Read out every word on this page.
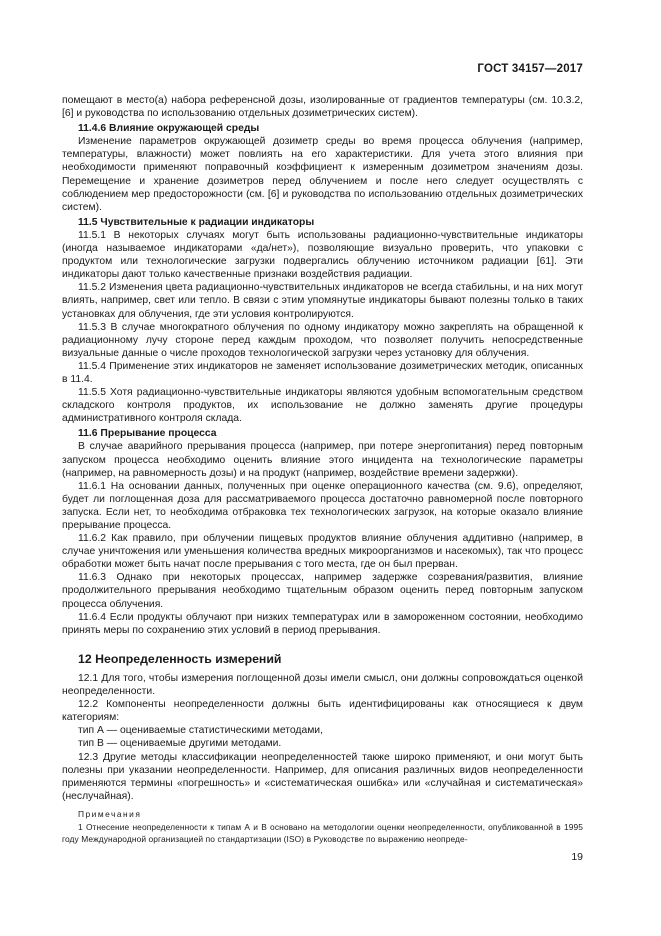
ГОСТ 34157—2017

помещают в место(а) набора референсной дозы, изолированные от градиентов температуры (см. 10.3.2, [6] и руководства по использованию отдельных дозиметрических систем).

11.4.6 Влияние окружающей среды

Изменение параметров окружающей дозиметр среды во время процесса облучения (например, температуры, влажности) может повлиять на его характеристики. Для учета этого влияния при необходимости применяют поправочный коэффициент к измеренным дозиметром значениям дозы. Перемещение и хранение дозиметров перед облучением и после него следует осуществлять с соблюдением мер предосторожности (см. [6] и руководства по использованию отдельных дозиметрических систем).

11.5 Чувствительные к радиации индикаторы

11.5.1 В некоторых случаях могут быть использованы радиационно-чувствительные индикаторы (иногда называемое индикаторами «да/нет»), позволяющие визуально проверить, что упаковки с продуктом или технологические загрузки подвергались облучению источником радиации [61]. Эти индикаторы дают только качественные признаки воздействия радиации.

11.5.2 Изменения цвета радиационно-чувствительных индикаторов не всегда стабильны, и на них могут влиять, например, свет или тепло. В связи с этим упомянутые индикаторы бывают полезны только в таких установках для облучения, где эти условия контролируются.

11.5.3 В случае многократного облучения по одному индикатору можно закреплять на обращенной к радиационному лучу стороне перед каждым проходом, что позволяет получить непосредственные визуальные данные о числе проходов технологической загрузки через установку для облучения.

11.5.4 Применение этих индикаторов не заменяет использование дозиметрических методик, описанных в 11.4.

11.5.5 Хотя радиационно-чувствительные индикаторы являются удобным вспомогательным средством складского контроля продуктов, их использование не должно заменять другие процедуры административного контроля склада.

11.6 Прерывание процесса

В случае аварийного прерывания процесса (например, при потере энергопитания) перед повторным запуском процесса необходимо оценить влияние этого инцидента на технологические параметры (например, на равномерность дозы) и на продукт (например, воздействие времени задержки).

11.6.1 На основании данных, полученных при оценке операционного качества (см. 9.6), определяют, будет ли поглощенная доза для рассматриваемого процесса достаточно равномерной после повторного запуска. Если нет, то необходима отбраковка тех технологических загрузок, на которые оказало влияние прерывание процесса.

11.6.2 Как правило, при облучении пищевых продуктов влияние облучения аддитивно (например, в случае уничтожения или уменьшения количества вредных микроорганизмов и насекомых), так что процесс обработки может быть начат после прерывания с того места, где он был прерван.

11.6.3 Однако при некоторых процессах, например задержке созревания/развития, влияние продолжительного прерывания необходимо тщательным образом оценить перед повторным запуском процесса облучения.

11.6.4 Если продукты облучают при низких температурах или в замороженном состоянии, необходимо принять меры по сохранению этих условий в период прерывания.

12 Неопределенность измерений

12.1 Для того, чтобы измерения поглощенной дозы имели смысл, они должны сопровождаться оценкой неопределенности.

12.2 Компоненты неопределенности должны быть идентифицированы как относящиеся к двум категориям:

тип А — оцениваемые статистическими методами,

тип В — оцениваемые другими методами.

12.3 Другие методы классификации неопределенностей также широко применяют, и они могут быть полезны при указании неопределенности. Например, для описания различных видов неопределенности применяются термины «погрешность» и «систематическая ошибка» или «случайная и систематическая» (неслучайная).

Примечания

1 Отнесение неопределенности к типам А и В основано на методологии оценки неопределенности, опубликованной в 1995 году Международной организацией по стандартизации (ISO) в Руководстве по выражению неопреде-

19
